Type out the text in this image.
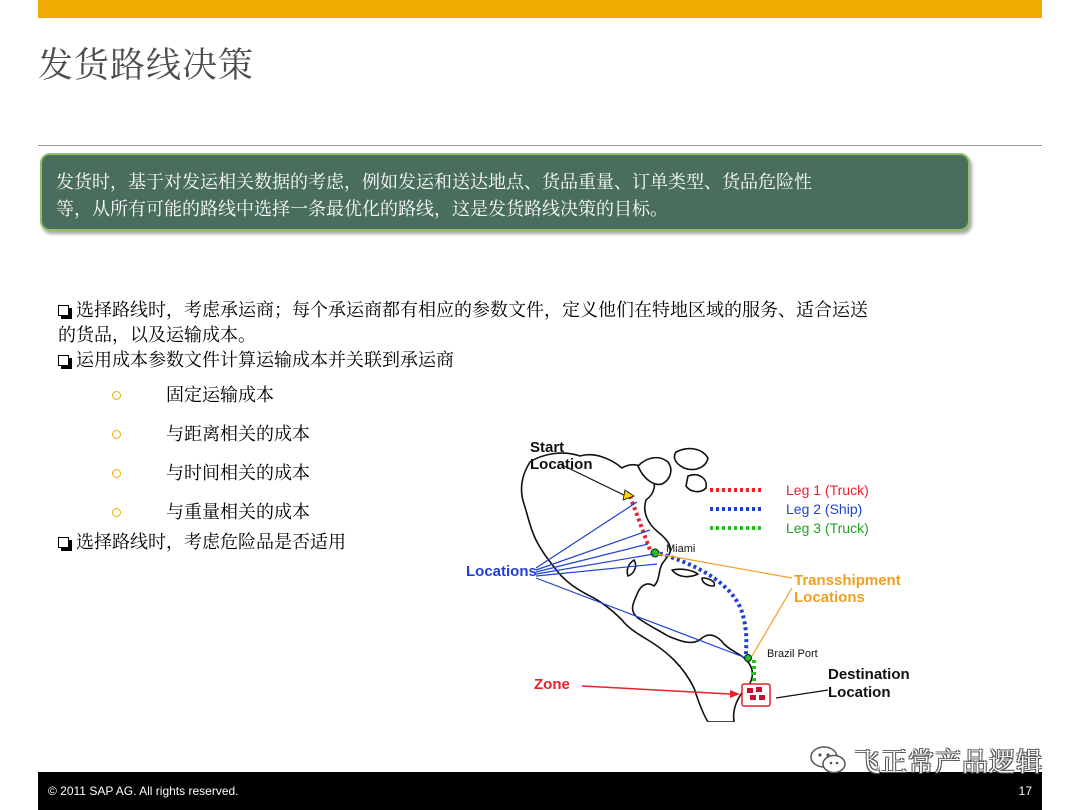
发货路线决策
发货时，基于对发运相关数据的考虑，例如发运和送达地点、货品重量、订单类型、货品危险性
等，从所有可能的路线中选择一条最优化的路线，这是发货路线决策的目标。
选择路线时，考虑承运商；每个承运商都有相应的参数文件，定义他们在特地区域的服务、适合运送
的货品，以及运输成本。
运用成本参数文件计算运输成本并关联到承运商
固定运输成本
与距离相关的成本
与时间相关的成本
与重量相关的成本
选择路线时，考虑危险品是否适用
Leg 1 (Truck)
Leg 2 (Ship)
Leg 3 (Truck)
Start
Location
Miami
Locations
Transshipment
Locations
Brazil Port
Zone
Destination
Location
© 2011 SAP AG. All rights reserved.	17
飞正常产品逻辑
